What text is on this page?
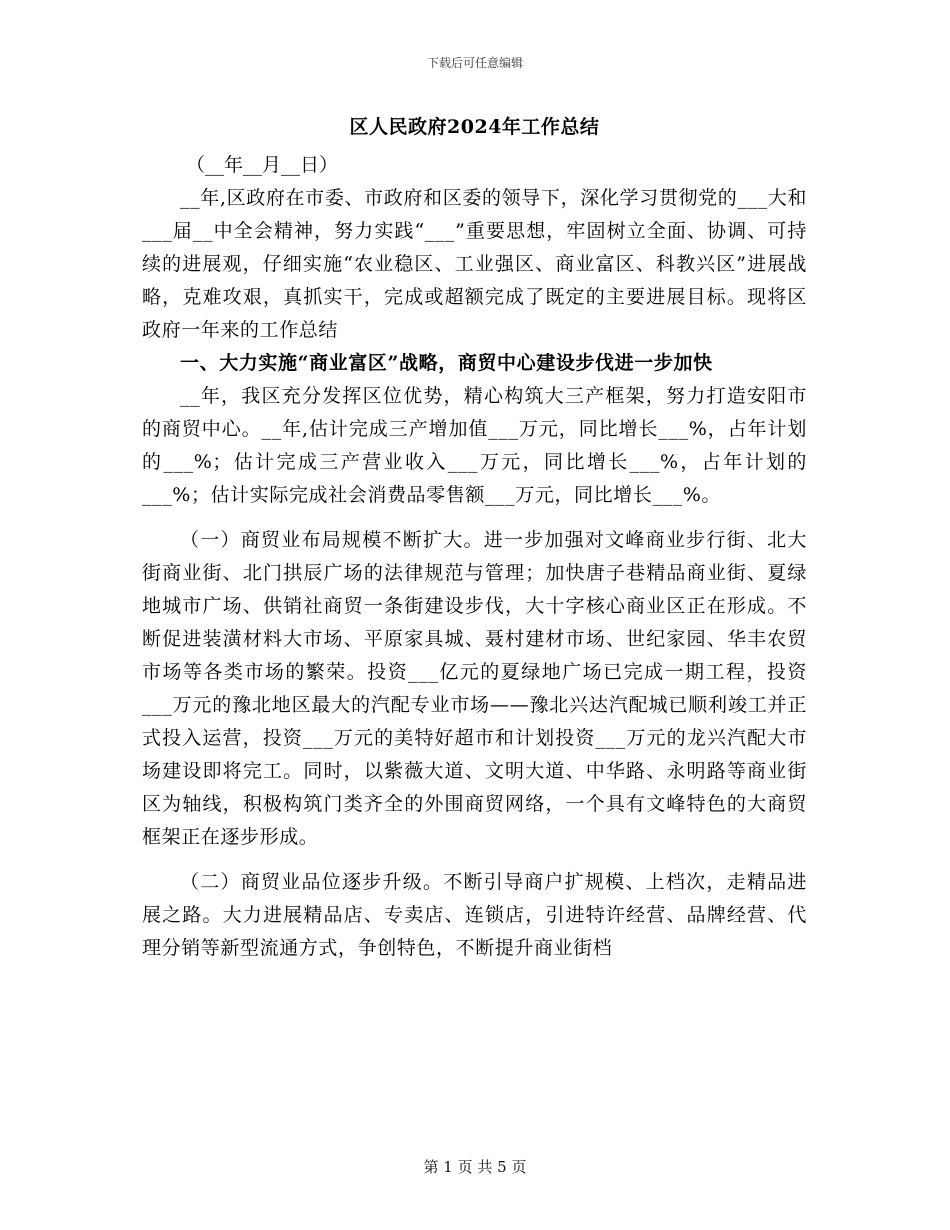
下载后可任意编辑
区人民政府2024年工作总结
（__年__月__日）

__年,区政府在市委、市政府和区委的领导下，深化学习贯彻党的___大和___届__中全会精神，努力实践“___”重要思想，牢固树立全面、协调、可持续的进展观，仔细实施“农业稳区、工业强区、商业富区、科教兴区”进展战略，克难攻艰，真抓实干，完成或超额完成了既定的主要进展目标。现将区政府一年来的工作总结

一、大力实施“商业富区”战略，商贸中心建设步伐进一步加快

__年，我区充分发挥区位优势，精心构筑大三产框架，努力打造安阳市的商贸中心。__年,估计完成三产增加值___万元，同比增长___%，占年计划的___%；估计完成三产营业收入___万元，同比增长___%，占年计划的___%；估计实际完成社会消费品零售额___万元，同比增长___%。

（一）商贸业布局规模不断扩大。进一步加强对文峰商业步行街、北大街商业街、北门拱辰广场的法律规范与管理；加快唐子巷精品商业街、夏绿地城市广场、供销社商贸一条街建设步伐，大十字核心商业区正在形成。不断促进装潢材料大市场、平原家具城、聂村建材市场、世纪家园、华丰农贸市场等各类市场的繁荣。投资___亿元的夏绿地广场已完成一期工程，投资___万元的豫北地区最大的汽配专业市场——豫北兴达汽配城已顺利竣工并正式投入运营，投资___万元的美特好超市和计划投资___万元的龙兴汽配大市场建设即将完工。同时，以紫薇大道、文明大道、中华路、永明路等商业街区为轴线，积极构筑门类齐全的外围商贸网络，一个具有文峰特色的大商贸框架正在逐步形成。

（二）商贸业品位逐步升级。不断引导商户扩规模、上档次，走精品进展之路。大力进展精品店、专卖店、连锁店，引进特许经营、品牌经营、代理分销等新型流通方式，争创特色，不断提升商业街档

第 1 页 共 5 页
